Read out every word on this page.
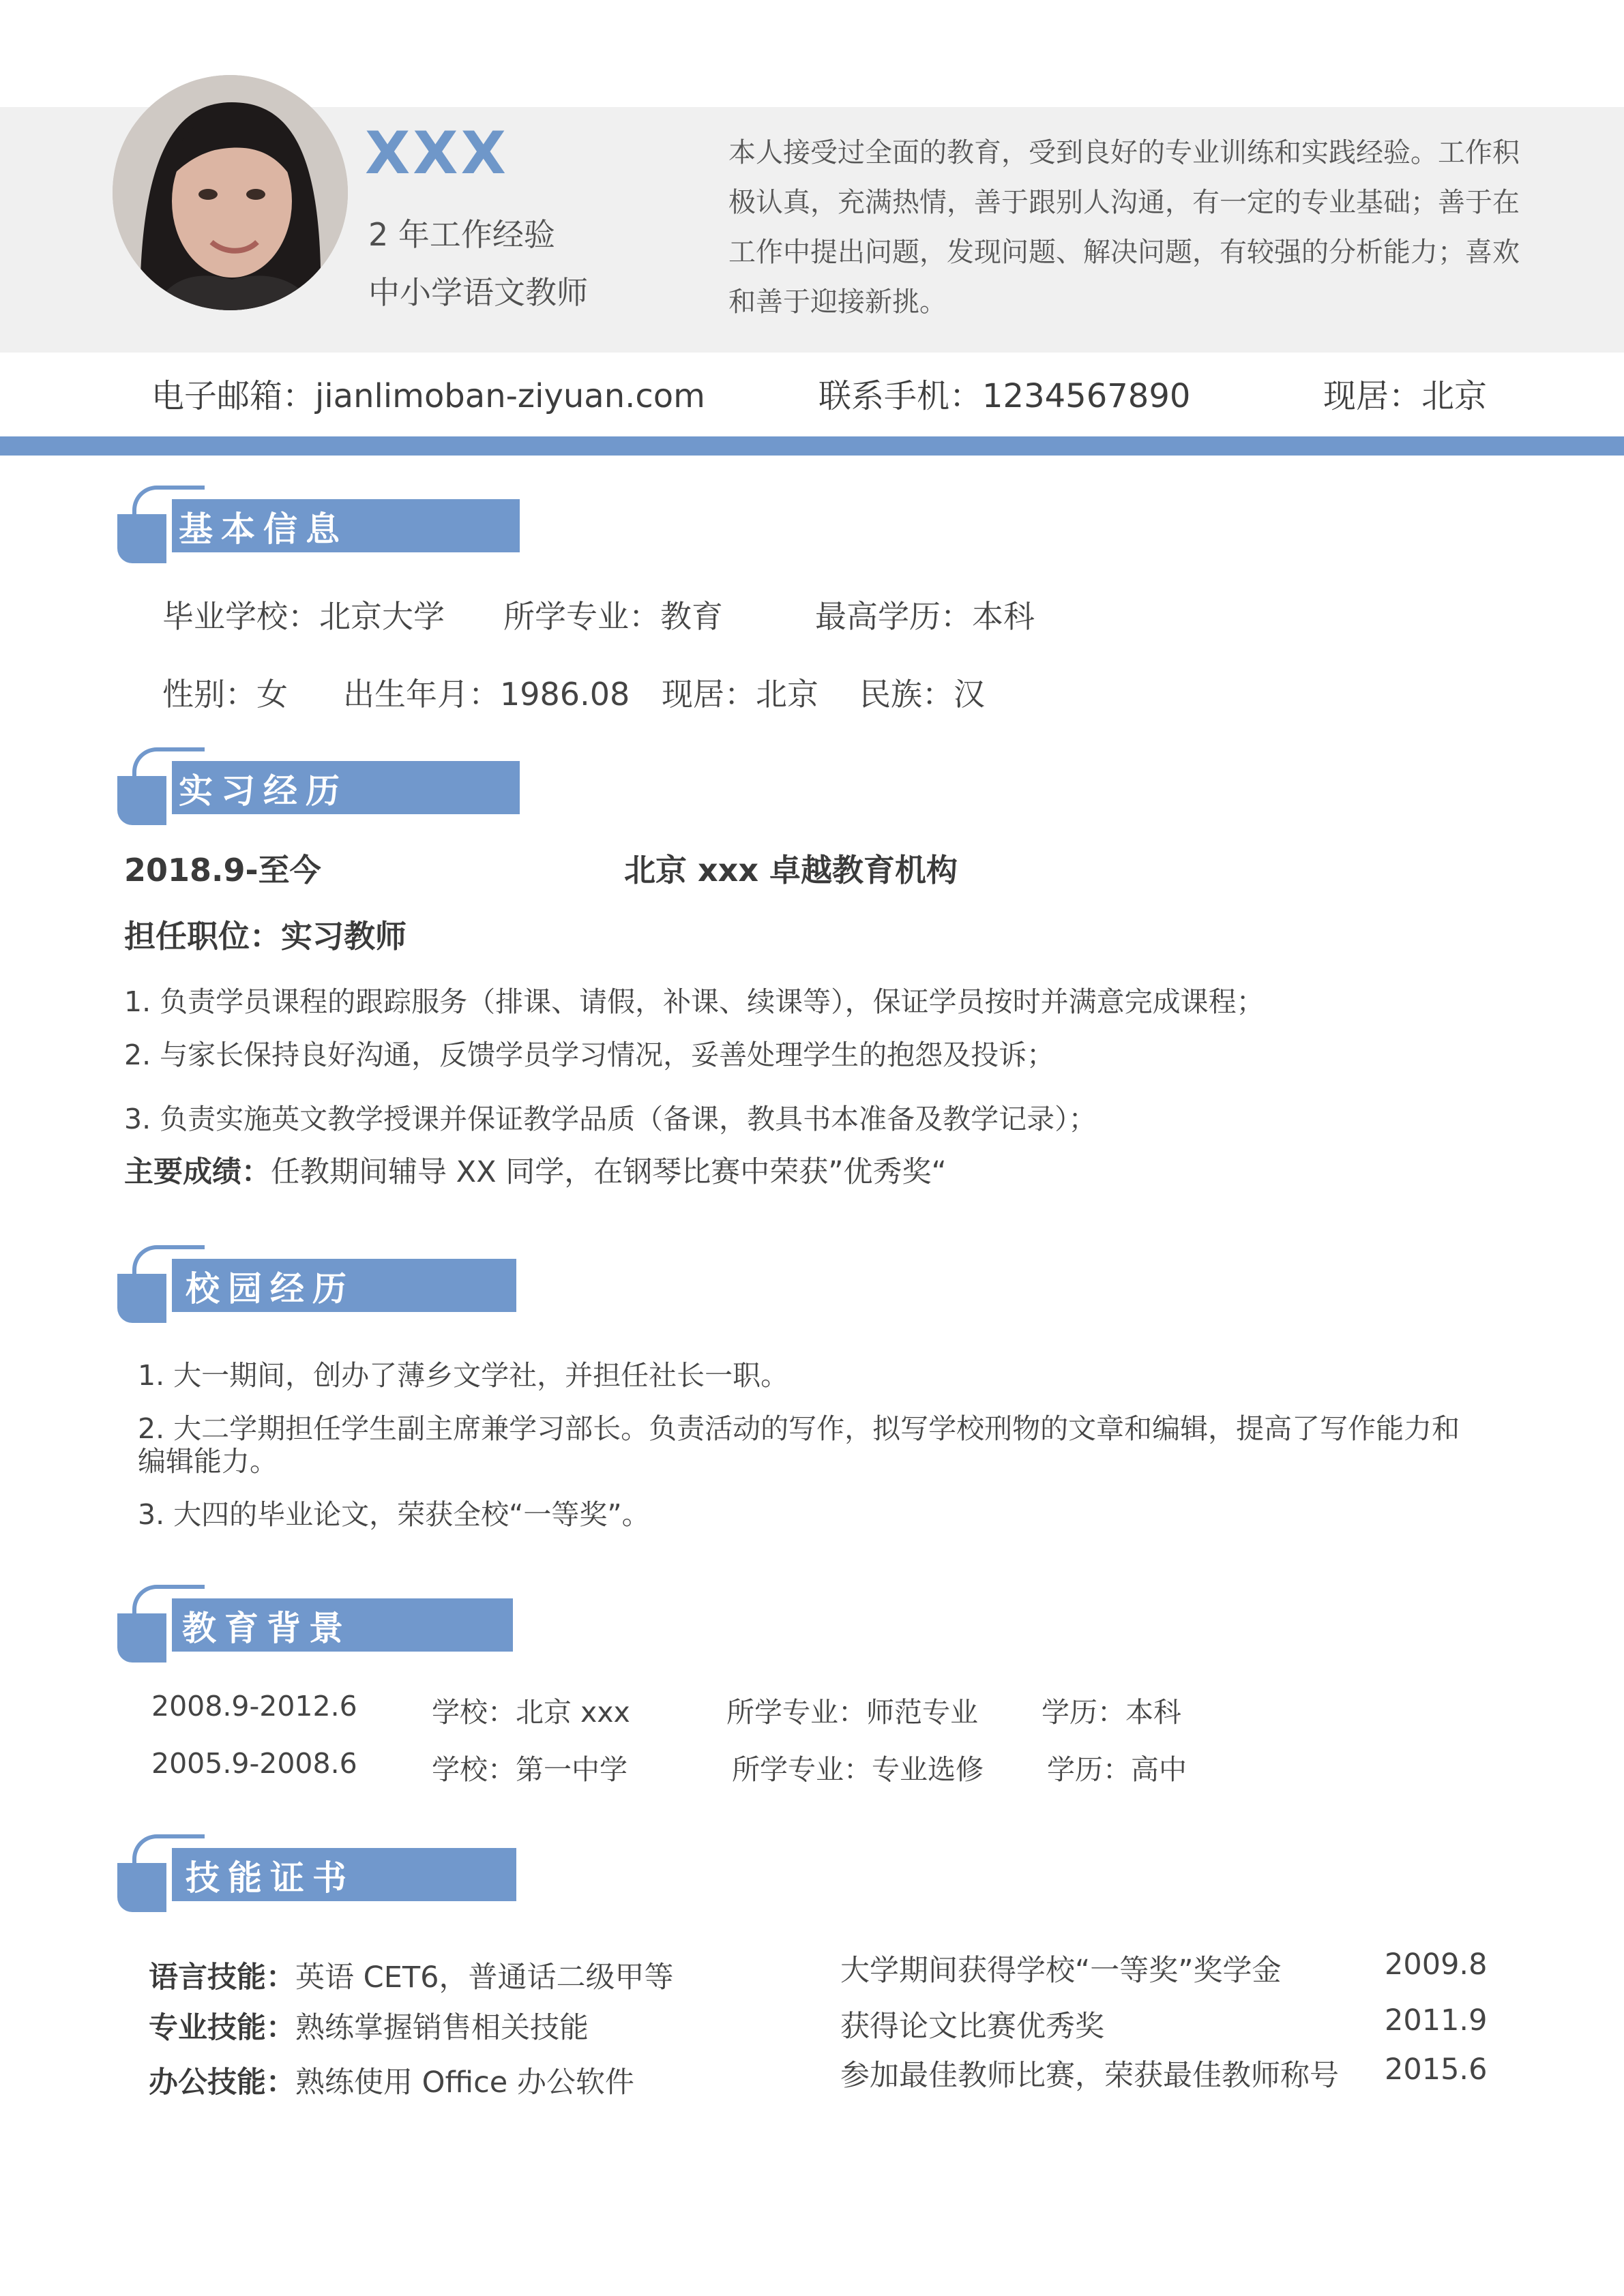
XXX
2 年工作经验
中小学语文教师
本人接受过全面的教育，受到良好的专业训练和实践经验。工作积极认真，充满热情，善于跟别人沟通，有一定的专业基础；善于在工作中提出问题，发现问题、解决问题，有较强的分析能力；喜欢和善于迎接新挑。
电子邮箱：jianlimoban-ziyuan.com	联系手机：1234567890	现居：北京
基本信息
毕业学校：北京大学 所学专业：教育	最高学历：本科
性别：女 出生年月：1986.08 现居：北京 民族：汉
实习经历
2018.9-至今	北京 xxx 卓越教育机构
担任职位：实习教师
1. 负责学员课程的跟踪服务（排课、请假，补课、续课等），保证学员按时并满意完成课程；
2. 与家长保持良好沟通，反馈学员学习情况，妥善处理学生的抱怨及投诉；
3. 负责实施英文教学授课并保证教学品质（备课，教具书本准备及教学记录）；
主要成绩：任教期间辅导 XX 同学，在钢琴比赛中荣获”优秀奖“
校园经历
1. 大一期间，创办了薄乡文学社，并担任社长一职。
2. 大二学期担任学生副主席兼学习部长。负责活动的写作，拟写学校刑物的文章和编辑，提高了写作能力和
编辑能力。
3. 大四的毕业论文，荣获全校“一等奖”。
教育背景
2008.9-2012.6	学校：北京 xxx	所学专业：师范专业 学历：本科
2005.9-2008.6	学校：第一中学	所学专业：专业选修 学历：高中
技能证书
语言技能：英语 CET6，普通话二级甲等
专业技能：熟练掌握销售相关技能
办公技能：熟练使用 Office 办公软件
大学期间获得学校“一等奖”奖学金	2009.8
获得论文比赛优秀奖	2011.9
参加最佳教师比赛，荣获最佳教师称号 2015.6
